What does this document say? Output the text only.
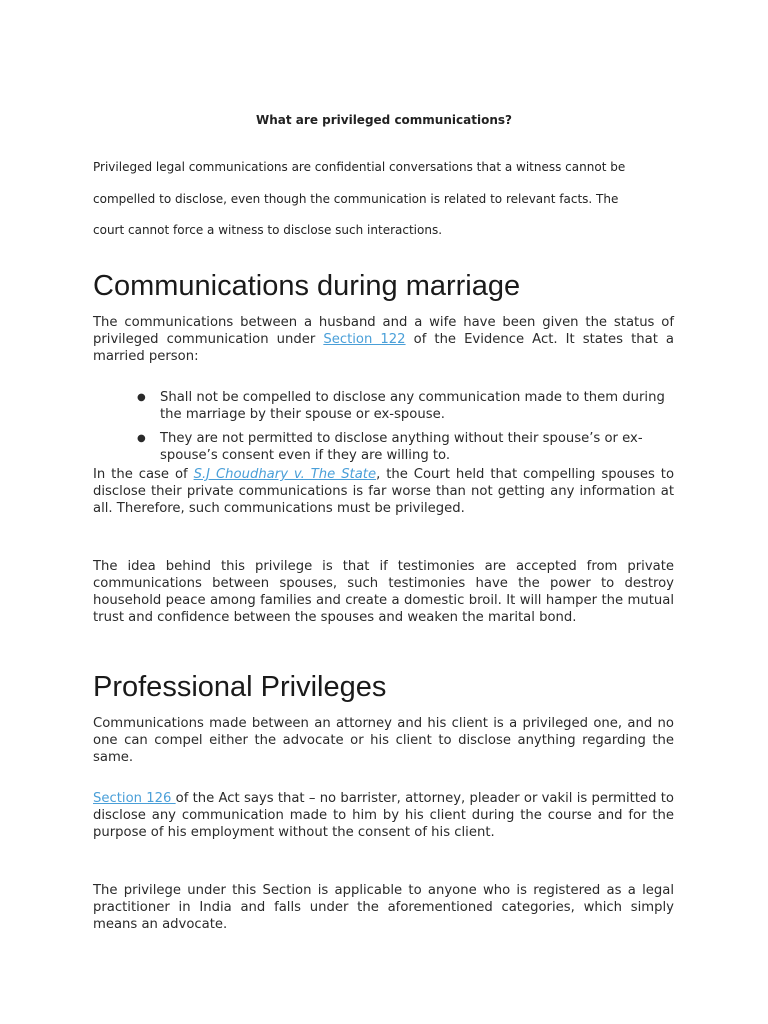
What are privileged communications?

Privileged legal communications are confidential conversations that a witness cannot be

compelled to disclose, even though the communication is related to relevant facts. The

court cannot force a witness to disclose such interactions.

Communications during marriage

The communications between a husband and a wife have been given the status of privileged communication under Section 122 of the Evidence Act. It states that a married person:

● Shall not be compelled to disclose any communication made to them during the marriage by their spouse or ex-spouse.
● They are not permitted to disclose anything without their spouse’s or ex-spouse’s consent even if they are willing to.

In the case of S.J Choudhary v. The State, the Court held that compelling spouses to disclose their private communications is far worse than not getting any information at all. Therefore, such communications must be privileged.

The idea behind this privilege is that if testimonies are accepted from private communications between spouses, such testimonies have the power to destroy household peace among families and create a domestic broil. It will hamper the mutual trust and confidence between the spouses and weaken the marital bond.

Professional Privileges

Communications made between an attorney and his client is a privileged one, and no one can compel either the advocate or his client to disclose anything regarding the same.

Section 126 of the Act says that – no barrister, attorney, pleader or vakil is permitted to disclose any communication made to him by his client during the course and for the purpose of his employment without the consent of his client.

The privilege under this Section is applicable to anyone who is registered as a legal practitioner in India and falls under the aforementioned categories, which simply means an advocate.
